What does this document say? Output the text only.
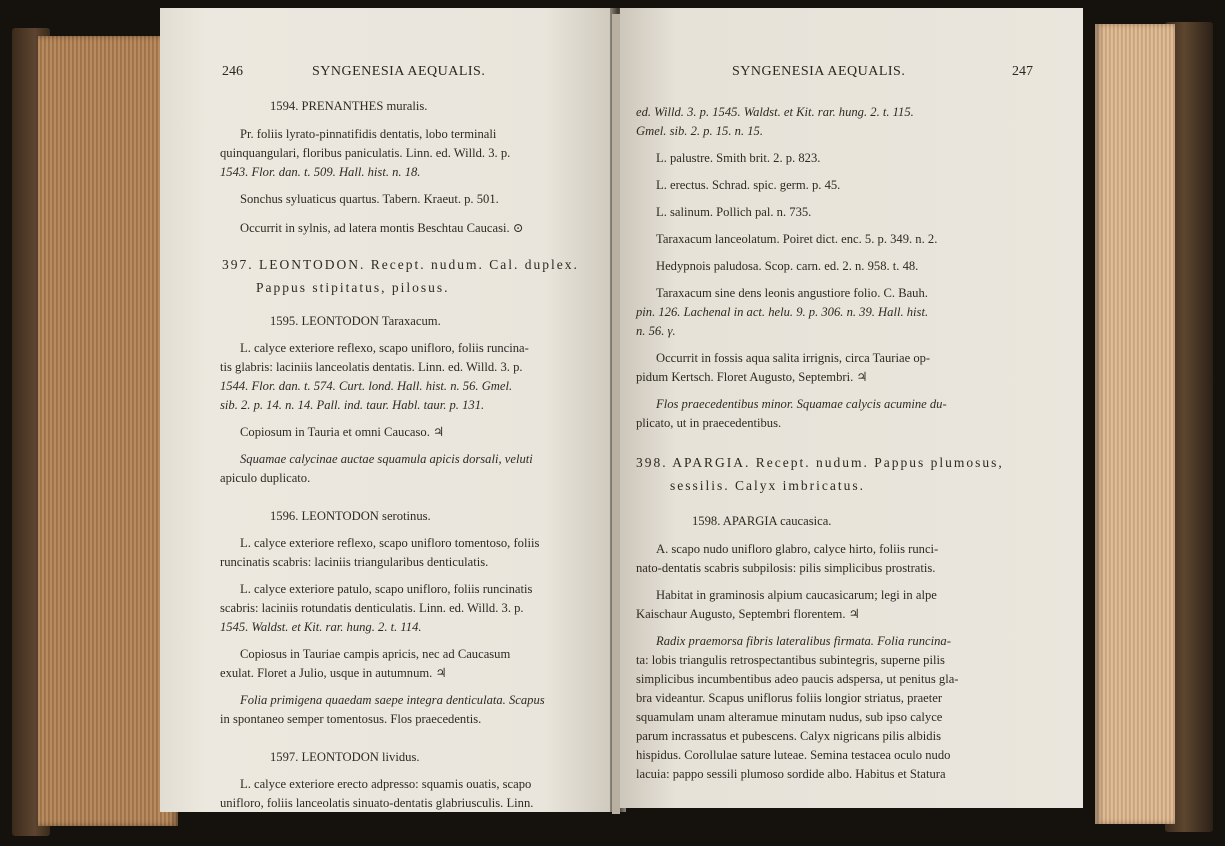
246	SYNGENESIA AEQUALIS.
1594. PRENANTHES muralis.
Pr. foliis lyrato-pinnatifidis dentatis, lobo terminali
quinquangulari, floribus paniculatis. Linn. ed. Willd. 3. p.
1543. Flor. dan. t. 509. Hall. hist. n. 18.
Sonchus syluaticus quartus. Tabern. Kraeut. p. 501.
Occurrit in sylnis, ad latera montis Beschtau Caucasi. ⊙
397. LEONTODON. Recept. nudum. Cal. duplex.
Pappus stipitatus, pilosus.
1595. LEONTODON Taraxacum.
L. calyce exteriore reflexo, scapo unifloro, foliis runcina-
tis glabris: laciniis lanceolatis dentatis. Linn. ed. Willd. 3. p.
1544. Flor. dan. t. 574. Curt. lond. Hall. hist. n. 56. Gmel.
sib. 2. p. 14. n. 14. Pall. ind. taur. Habl. taur. p. 131.
Copiosum in Tauria et omni Caucaso. ♃
Squamae calycinae auctae squamula apicis dorsali, veluti
apiculo duplicato.
1596. LEONTODON serotinus.
L. calyce exteriore reflexo, scapo unifloro tomentoso, foliis
runcinatis scabris: laciniis triangularibus denticulatis.
L. calyce exteriore patulo, scapo unifloro, foliis runcinatis
scabris: laciniis rotundatis denticulatis. Linn. ed. Willd. 3. p.
1545. Waldst. et Kit. rar. hung. 2. t. 114.
Copiosus in Tauriae campis apricis, nec ad Caucasum
exulat. Floret a Julio, usque in autumnum. ♃
Folia primigena quaedam saepe integra denticulata. Scapus
in spontaneo semper tomentosus. Flos praecedentis.
1597. LEONTODON lividus.
L. calyce exteriore erecto adpresso: squamis ouatis, scapo
unifloro, foliis lanceolatis sinuato-dentatis glabriusculis. Linn.
SYNGENESIA AEQUALIS.	247
ed. Willd. 3. p. 1545. Waldst. et Kit. rar. hung. 2. t. 115.
Gmel. sib. 2. p. 15. n. 15.
L. palustre. Smith brit. 2. p. 823.
L. erectus. Schrad. spic. germ. p. 45.
L. salinum. Pollich pal. n. 735.
Taraxacum lanceolatum. Poiret dict. enc. 5. p. 349. n. 2.
Hedypnois paludosa. Scop. carn. ed. 2. n. 958. t. 48.
Taraxacum sine dens leonis angustiore folio. C. Bauh.
pin. 126. Lachenal in act. helu. 9. p. 306. n. 39. Hall. hist.
n. 56. γ.
Occurrit in fossis aqua salita irrignis, circa Tauriae op-
pidum Kertsch. Floret Augusto, Septembri. ♃
Flos praecedentibus minor. Squamae calycis acumine du-
plicato, ut in praecedentibus.
398. APARGIA. Recept. nudum. Pappus plumosus,
sessilis. Calyx imbricatus.
1598. APARGIA caucasica.
A. scapo nudo unifloro glabro, calyce hirto, foliis runci-
nato-dentatis scabris subpilosis: pilis simplicibus prostratis.
Habitat in graminosis alpium caucasicarum; legi in alpe
Kaischaur Augusto, Septembri florentem. ♃
Radix praemorsa fibris lateralibus firmata. Folia runcina-
ta: lobis triangulis retrospectantibus subintegris, superne pilis
simplicibus incumbentibus adeo paucis adspersa, ut penitus gla-
bra videantur. Scapus uniflorus foliis longior striatus, praeter
squamulam unam alteramue minutam nudus, sub ipso calyce
parum incrassatus et pubescens. Calyx nigricans pilis albidis
hispidus. Corollulae sature luteae. Semina testacea oculo nudo
lacuia: pappo sessili plumoso sordide albo. Habitus et Statura
